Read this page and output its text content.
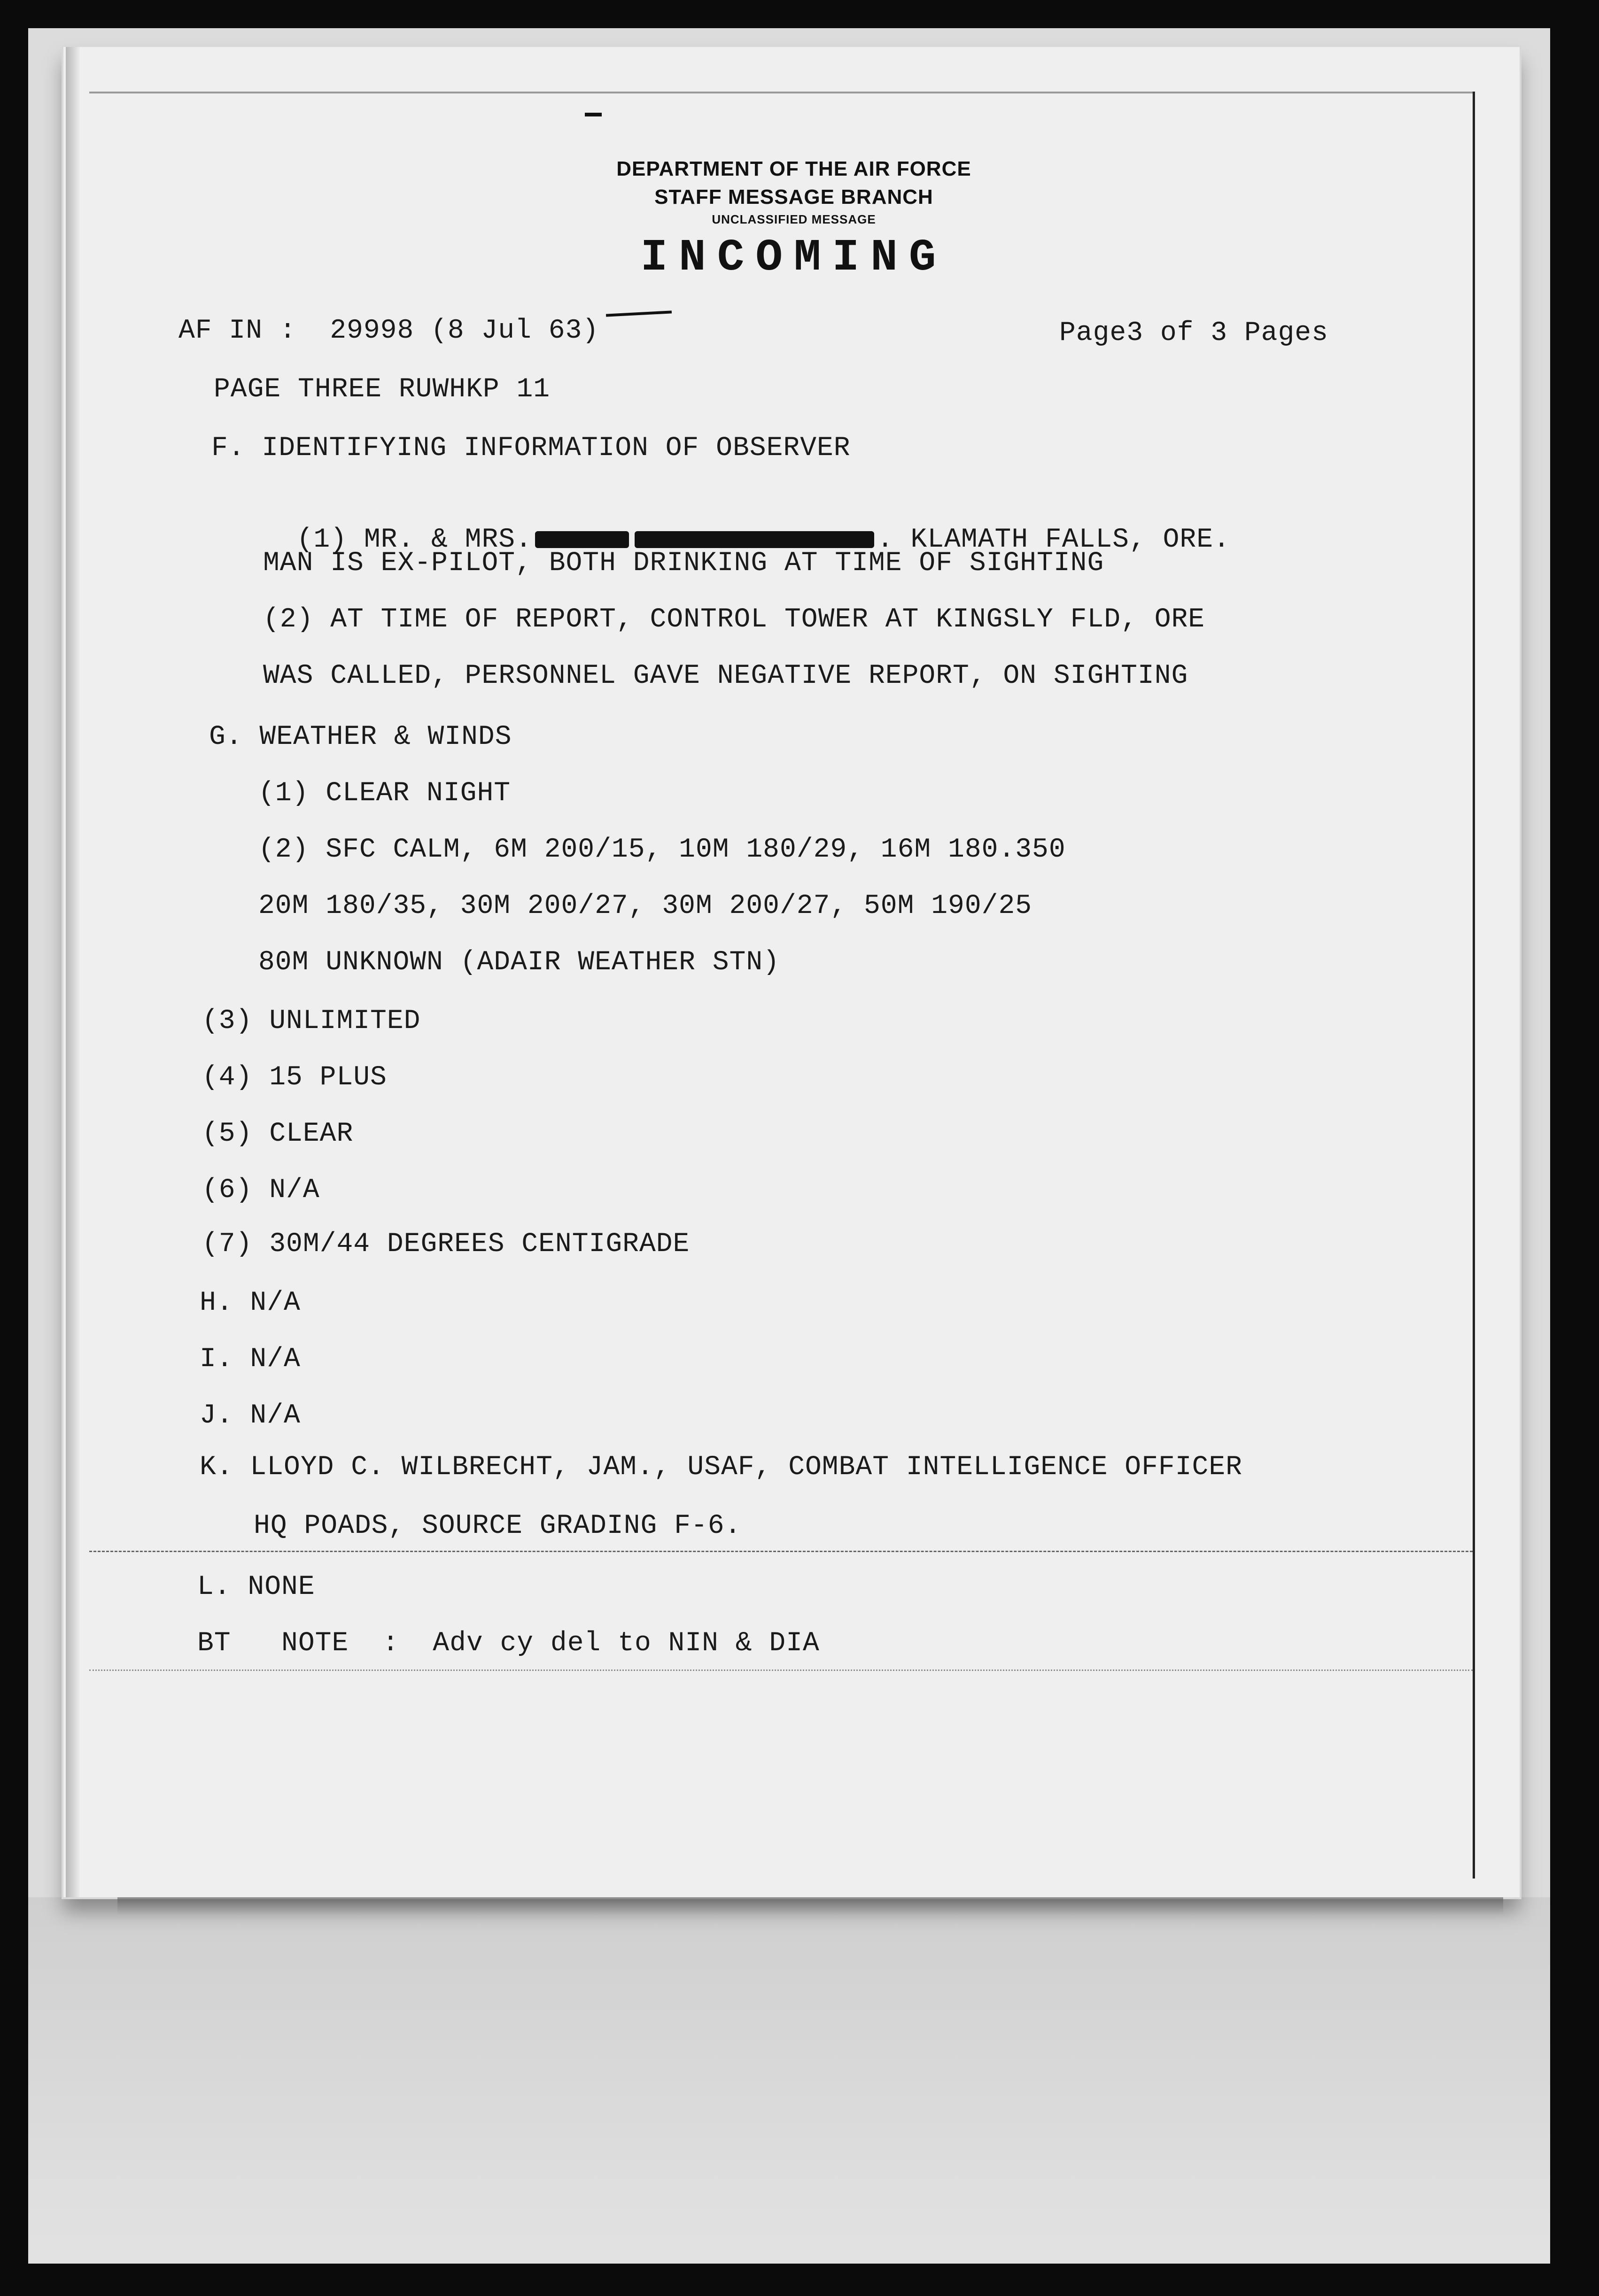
DEPARTMENT OF THE AIR FORCE
STAFF MESSAGE BRANCH
UNCLASSIFIED MESSAGE
INCOMING
AF IN :  29998 (8 Jul 63)	Page3 of 3 Pages
PAGE THREE RUWHKP 11
F. IDENTIFYING INFORMATION OF OBSERVER

(1) MR. & MRS.	. KLAMATH FALLS, ORE.

MAN IS EX-PILOT, BOTH DRINKING AT TIME OF SIGHTING
(2) AT TIME OF REPORT, CONTROL TOWER AT KINGSLY FLD, ORE
WAS CALLED, PERSONNEL GAVE NEGATIVE REPORT, ON SIGHTING
G. WEATHER & WINDS
(1) CLEAR NIGHT
(2) SFC CALM, 6M 200/15, 10M 180/29, 16M 180.350
20M 180/35, 30M 200/27, 30M 200/27, 50M 190/25
80M UNKNOWN (ADAIR WEATHER STN)
(3) UNLIMITED
(4) 15 PLUS
(5) CLEAR
(6) N/A
(7) 30M/44 DEGREES CENTIGRADE
H. N/A
I. N/A
J. N/A
K. LLOYD C. WILBRECHT, JAM., USAF, COMBAT INTELLIGENCE OFFICER
HQ POADS, SOURCE GRADING F-6.
L. NONE
BT   NOTE  :  Adv cy del to NIN & DIA
